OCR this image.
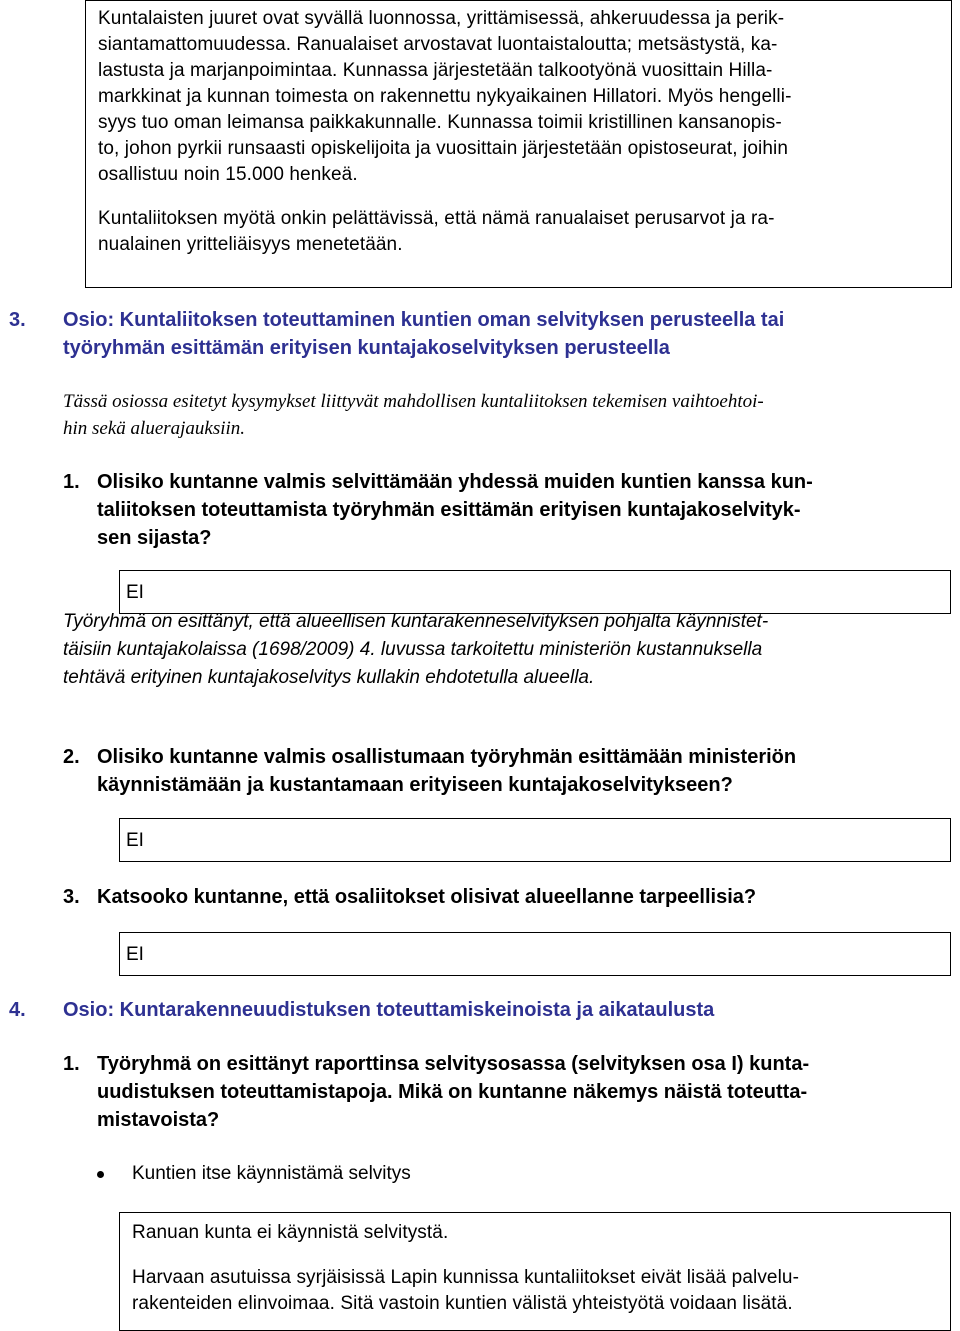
Kuntalaisten juuret ovat syvällä luonnossa, yrittämisessä, ahkeruudessa ja perik-

siantamattomuudessa. Ranualaiset arvostavat luontaistaloutta; metsästystä, ka-

lastusta ja marjanpoimintaa. Kunnassa järjestetään talkootyönä vuosittain Hilla-

markkinat ja kunnan toimesta on rakennettu nykyaikainen Hillatori. Myös hengelli-

syys tuo oman leimansa paikkakunnalle. Kunnassa toimii kristillinen kansanopis-

to, johon pyrkii runsaasti opiskelijoita ja vuosittain järjestetään opistoseurat, joihin

osallistuu noin 15.000 henkeä.

Kuntaliitoksen myötä onkin pelättävissä, että nämä ranualaiset perusarvot ja ra-

nualainen yritteliäisyys menetetään.

3. Osio: Kuntaliitoksen toteuttaminen kuntien oman selvityksen perusteella tai
työryhmän esittämän erityisen kuntajakoselvityksen perusteella
Tässä osiossa esitetyt kysymykset liittyvät mahdollisen kuntaliitoksen tekemisen vaihtoehtoi-
hin sekä aluerajauksiin.
1. Olisiko kuntanne valmis selvittämään yhdessä muiden kuntien kanssa kun-
taliitoksen toteuttamista työryhmän esittämän erityisen kuntajakoselvityk-
sen sijasta?
EI
Työryhmä on esittänyt, että alueellisen kuntarakenneselvityksen pohjalta käynnistet-
täisiin kuntajakolaissa (1698/2009) 4. luvussa tarkoitettu ministeriön kustannuksella
tehtävä erityinen kuntajakoselvitys kullakin ehdotetulla alueella.
2. Olisiko kuntanne valmis osallistumaan työryhmän esittämään ministeriön
käynnistämään ja kustantamaan erityiseen kuntajakoselvitykseen?
EI
3. Katsooko kuntanne, että osaliitokset olisivat alueellanne tarpeellisia?
EI
4. Osio: Kuntarakenneuudistuksen toteuttamiskeinoista ja aikataulusta
1. Työryhmä on esittänyt raporttinsa selvitysosassa (selvityksen osa I) kunta-
uudistuksen toteuttamistapoja. Mikä on kuntanne näkemys näistä toteutta-
mistavoista?
Kuntien itse käynnistämä selvitys

Ranuan kunta ei käynnistä selvitystä.

Harvaan asutuissa syrjäisissä Lapin kunnissa kuntaliitokset eivät lisää palvelu-

rakenteiden elinvoimaa. Sitä vastoin kuntien välistä yhteistyötä voidaan lisätä.
